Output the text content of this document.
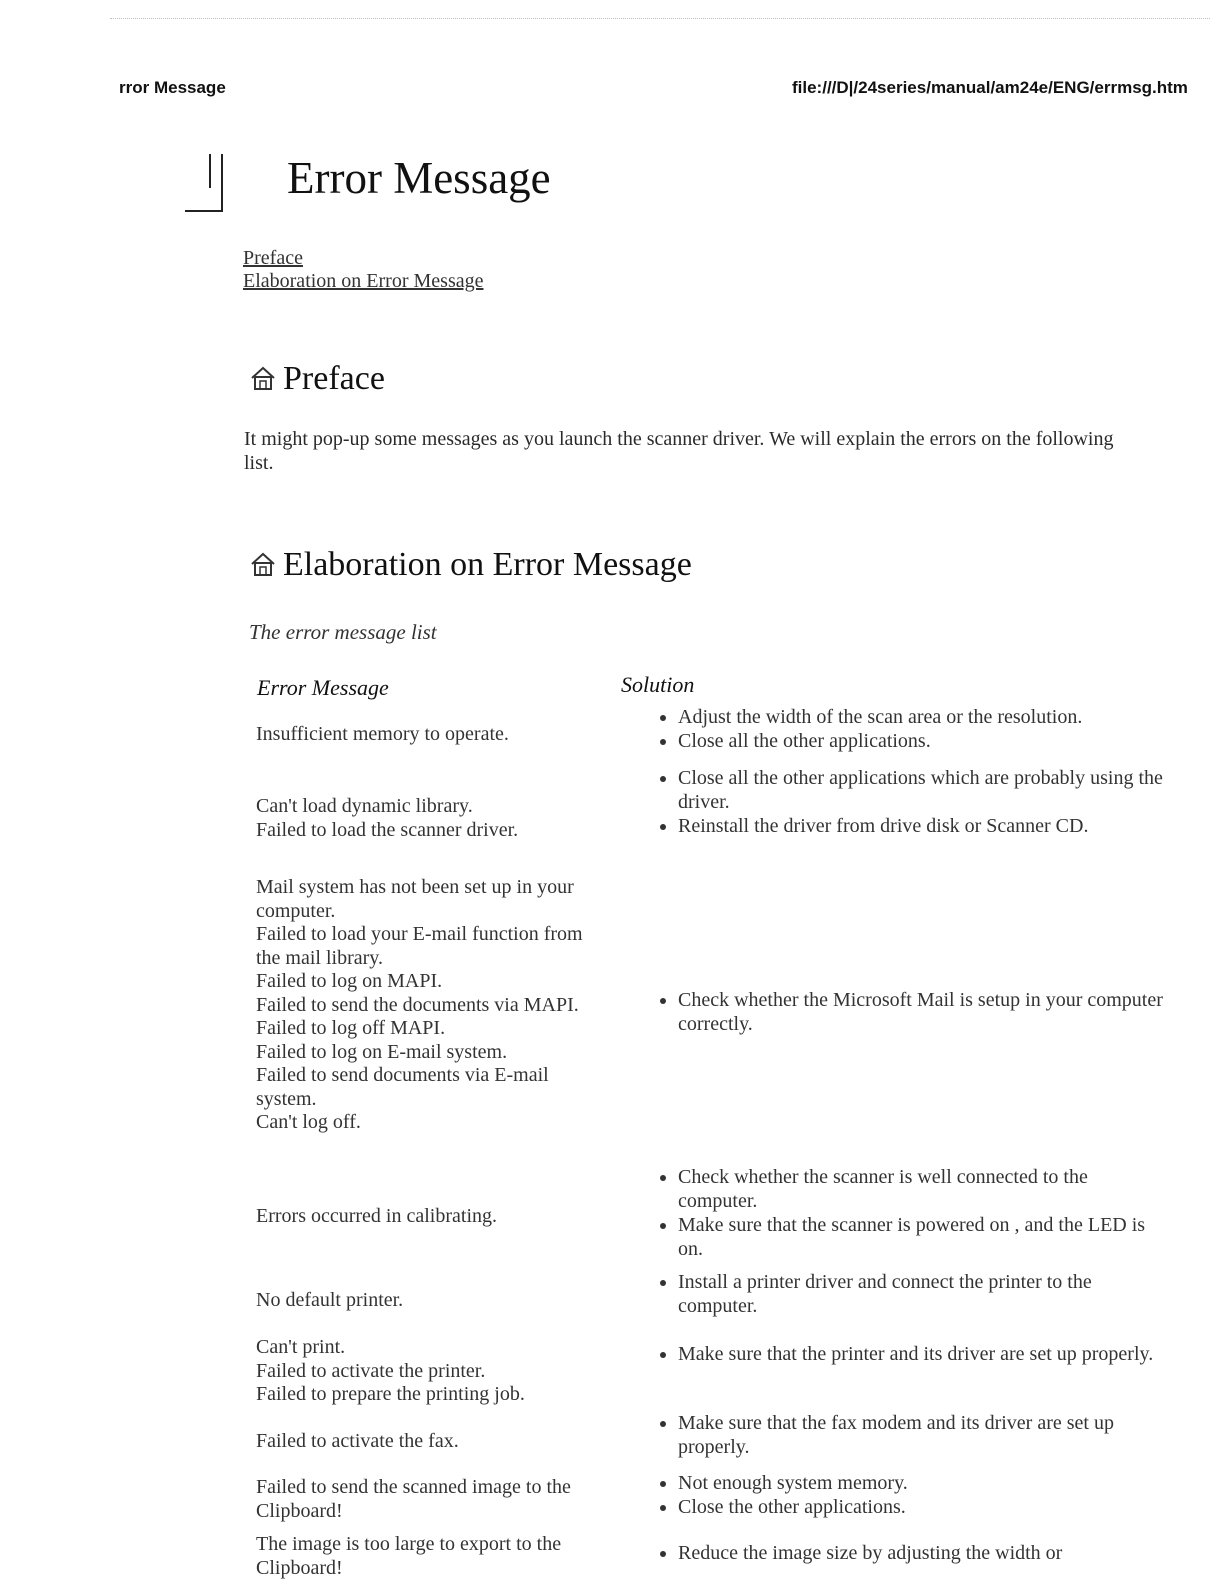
rror Message	file:///D|/24series/manual/am24e/ENG/errmsg.htm
Error Message
Preface
Elaboration on Error Message
Preface
It might pop-up some messages as you launch the scanner driver. We will explain the errors on the following list.
Elaboration on Error Message
The error message list
Error Message	Solution
Insufficient memory to operate.
• Adjust the width of the scan area or the resolution.
• Close all the other applications.
Can't load dynamic library.
Failed to load the scanner driver.
• Close all the other applications which are probably using the driver.
• Reinstall the driver from drive disk or Scanner CD.
Mail system has not been set up in your computer.
Failed to load your E-mail function from the mail library.
Failed to log on MAPI.
Failed to send the documents via MAPI.
Failed to log off MAPI.
Failed to log on E-mail system.
Failed to send documents via E-mail system.
Can't log off.
• Check whether the Microsoft Mail is setup in your computer correctly.
Errors occurred in calibrating.
• Check whether the scanner is well connected to the computer.
• Make sure that the scanner is powered on , and the LED is on.
No default printer.
• Install a printer driver and connect the printer to the computer.
Can't print.
Failed to activate the printer.
Failed to prepare the printing job.
• Make sure that the printer and its driver are set up properly.
Failed to activate the fax.
• Make sure that the fax modem and its driver are set up properly.
Failed to send the scanned image to the Clipboard!
• Not enough system memory.
• Close the other applications.
The image is too large to export to the Clipboard!
• Reduce the image size by adjusting the width or
